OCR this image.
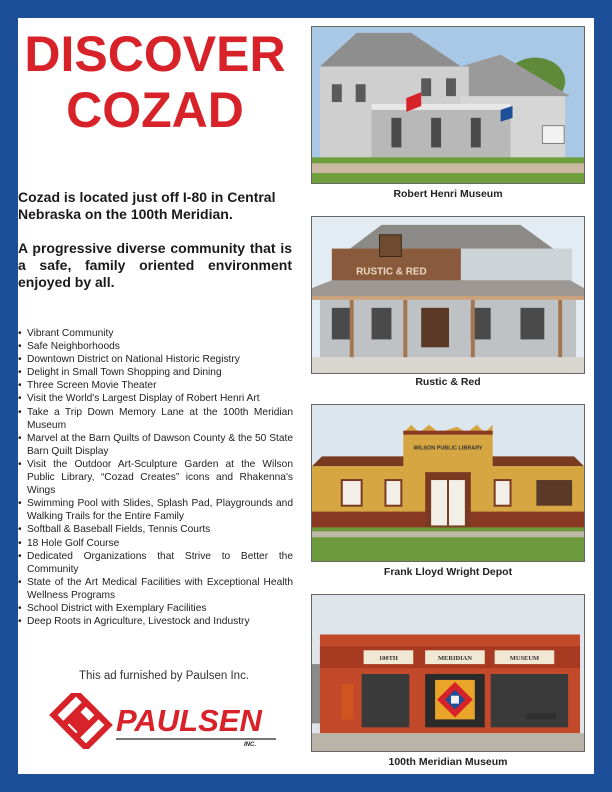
DISCOVER
COZAD

Cozad is located just off I-80 in Central Nebraska on the 100th Meridian.

A progressive diverse community that is a safe, family oriented environment enjoyed by all.

• Vibrant Community
• Safe Neighborhoods
• Downtown District on National Historic Registry
• Delight in Small Town Shopping and Dining
• Three Screen Movie Theater
• Visit the World's Largest Display of Robert Henri Art
• Take a Trip Down Memory Lane at the 100th Meridian Museum
• Marvel at the Barn Quilts of Dawson County & the 50 State Barn Quilt Display
• Visit the Outdoor Art-Sculpture Garden at the Wilson Public Library, “Cozad Creates” icons and Rhakenna's Wings
• Swimming Pool with Slides, Splash Pad, Playgrounds and Walking Trails for the Entire Family
• Softball & Baseball Fields, Tennis Courts
• 18 Hole Golf Course
• Dedicated Organizations that Strive to Better the Community
• State of the Art Medical Facilities with Exceptional Health Wellness Programs
• School District with Exemplary Facilities
• Deep Roots in Agriculture, Livestock and Industry

This ad furnished by Paulsen Inc.

PAULSEN
INC.

Robert Henri Museum

RUSTIC & RED

Rustic & Red

WILSON PUBLIC LIBRARY

Frank Lloyd Wright Depot

100TH	MERIDIAN	MUSEUM

100th Meridian Museum
